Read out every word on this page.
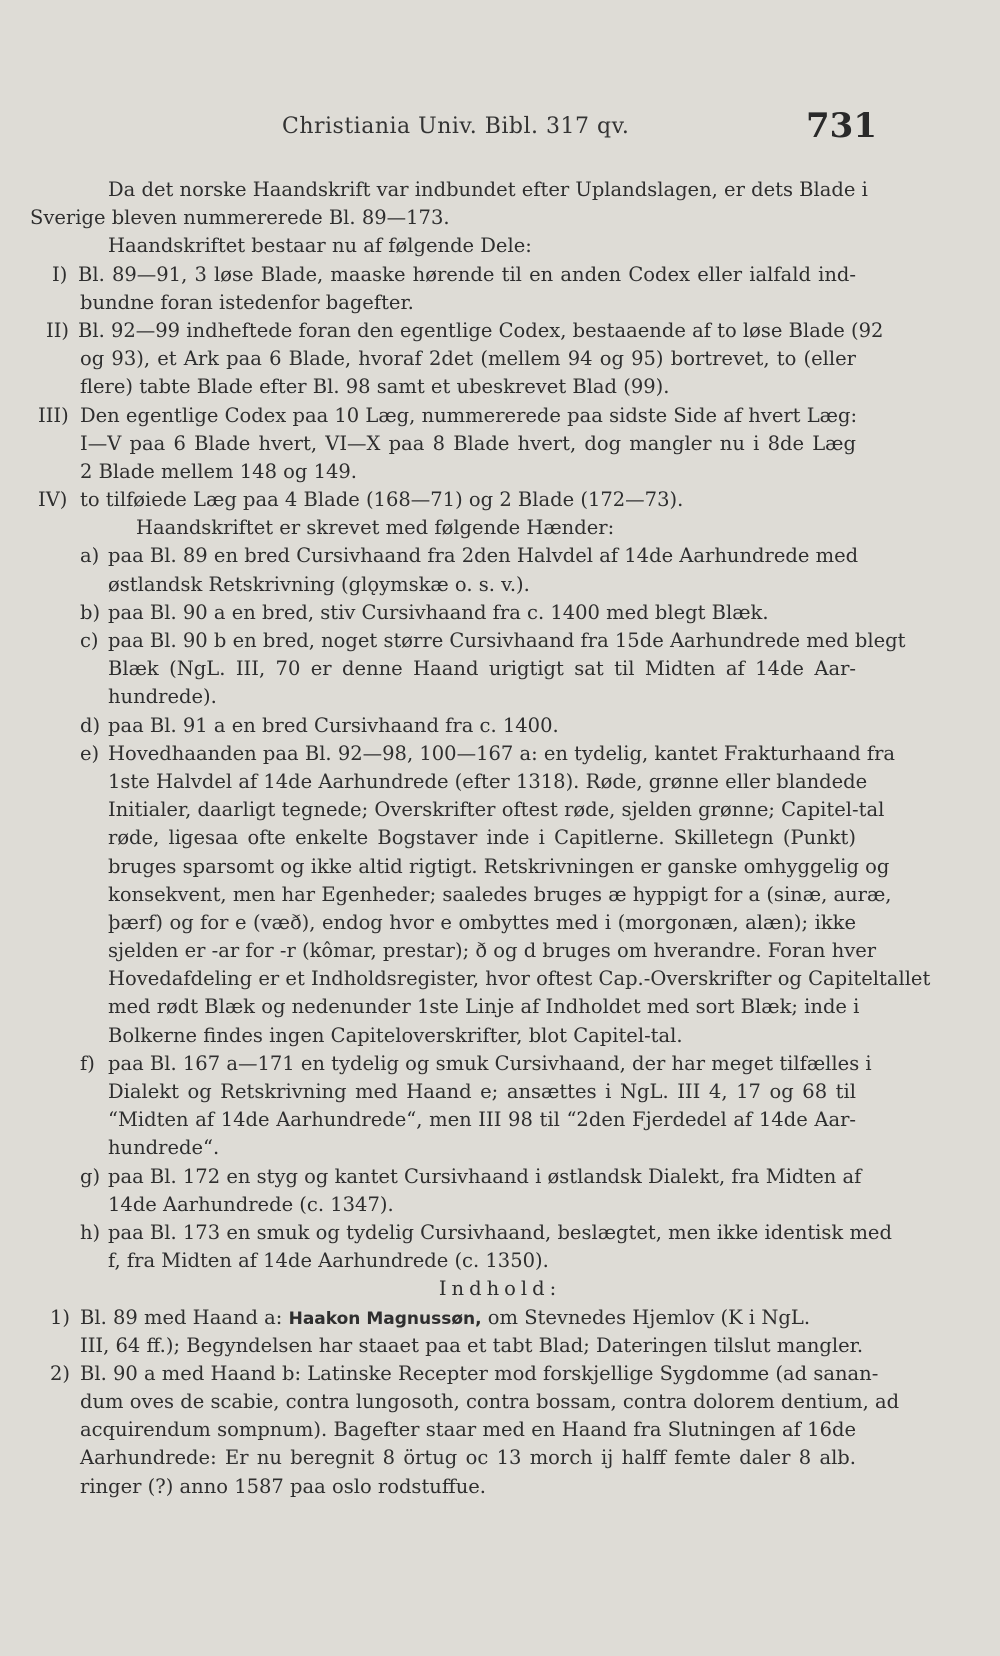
Christiania Univ. Bibl. 317 qv.	731
Da det norske Haandskrift var indbundet efter Uplandslagen, er dets Blade i
Sverige bleven nummererede Bl. 89—173.
Haandskriftet bestaar nu af følgende Dele:
I) Bl. 89—91, 3 løse Blade, maaske hørende til en anden Codex eller ialfald ind-
bundne foran istedenfor bagefter.
II) Bl. 92—99 indheftede foran den egentlige Codex, bestaaende af to løse Blade (92
og 93), et Ark paa 6 Blade, hvoraf 2det (mellem 94 og 95) bortrevet, to (eller
flere) tabte Blade efter Bl. 98 samt et ubeskrevet Blad (99).
III) Den egentlige Codex paa 10 Læg, nummererede paa sidste Side af hvert Læg:
I—V paa 6 Blade hvert, VI—X paa 8 Blade hvert, dog mangler nu i 8de Læg
2 Blade mellem 148 og 149.
IV) to tilføiede Læg paa 4 Blade (168—71) og 2 Blade (172—73).
Haandskriftet er skrevet med følgende Hænder:
a) paa Bl. 89 en bred Cursivhaand fra 2den Halvdel af 14de Aarhundrede med
østlandsk Retskrivning (glǫymskæ o. s. v.).
b) paa Bl. 90 a en bred, stiv Cursivhaand fra c. 1400 med blegt Blæk.
c) paa Bl. 90 b en bred, noget større Cursivhaand fra 15de Aarhundrede med blegt
Blæk (NgL. III, 70 er denne Haand urigtigt sat til Midten af 14de Aar-
hundrede).
d) paa Bl. 91 a en bred Cursivhaand fra c. 1400.
e) Hovedhaanden paa Bl. 92—98, 100—167 a: en tydelig, kantet Frakturhaand fra
1ste Halvdel af 14de Aarhundrede (efter 1318). Røde, grønne eller blandede
Initialer, daarligt tegnede; Overskrifter oftest røde, sjelden grønne; Capitel-tal
røde, ligesaa ofte enkelte Bogstaver inde i Capitlerne. Skilletegn (Punkt)
bruges sparsomt og ikke altid rigtigt. Retskrivningen er ganske omhyggelig og
konsekvent, men har Egenheder; saaledes bruges æ hyppigt for a (sinæ, auræ,
þærf) og for e (væð), endog hvor e ombyttes med i (morgonæn, alæn); ikke
sjelden er -ar for -r (kômar, prestar); ð og d bruges om hverandre. Foran hver
Hovedafdeling er et Indholdsregister, hvor oftest Cap.-Overskrifter og Capiteltallet
med rødt Blæk og nedenunder 1ste Linje af Indholdet med sort Blæk; inde i
Bolkerne findes ingen Capiteloverskrifter, blot Capitel-tal.
f) paa Bl. 167 a—171 en tydelig og smuk Cursivhaand, der har meget tilfælles i
Dialekt og Retskrivning med Haand e; ansættes i NgL. III 4, 17 og 68 til
“Midten af 14de Aarhundrede“, men III 98 til “2den Fjerdedel af 14de Aar-
hundrede“.
g) paa Bl. 172 en styg og kantet Cursivhaand i østlandsk Dialekt, fra Midten af
14de Aarhundrede (c. 1347).
h) paa Bl. 173 en smuk og tydelig Cursivhaand, beslægtet, men ikke identisk med
f, fra Midten af 14de Aarhundrede (c. 1350).
Indhold:
1) Bl. 89 med Haand a: Haakon Magnussøn, om Stevnedes Hjemlov (K i NgL.
III, 64 ff.); Begyndelsen har staaet paa et tabt Blad; Dateringen tilslut mangler.
2) Bl. 90 a med Haand b: Latinske Recepter mod forskjellige Sygdomme (ad sanan-
dum oves de scabie, contra lungosoth, contra bossam, contra dolorem dentium, ad
acquirendum sompnum). Bagefter staar med en Haand fra Slutningen af 16de
Aarhundrede: Er nu beregnit 8 örtug oc 13 morch ij halff femte daler 8 alb.
ringer (?) anno 1587 paa oslo rodstuffue.
